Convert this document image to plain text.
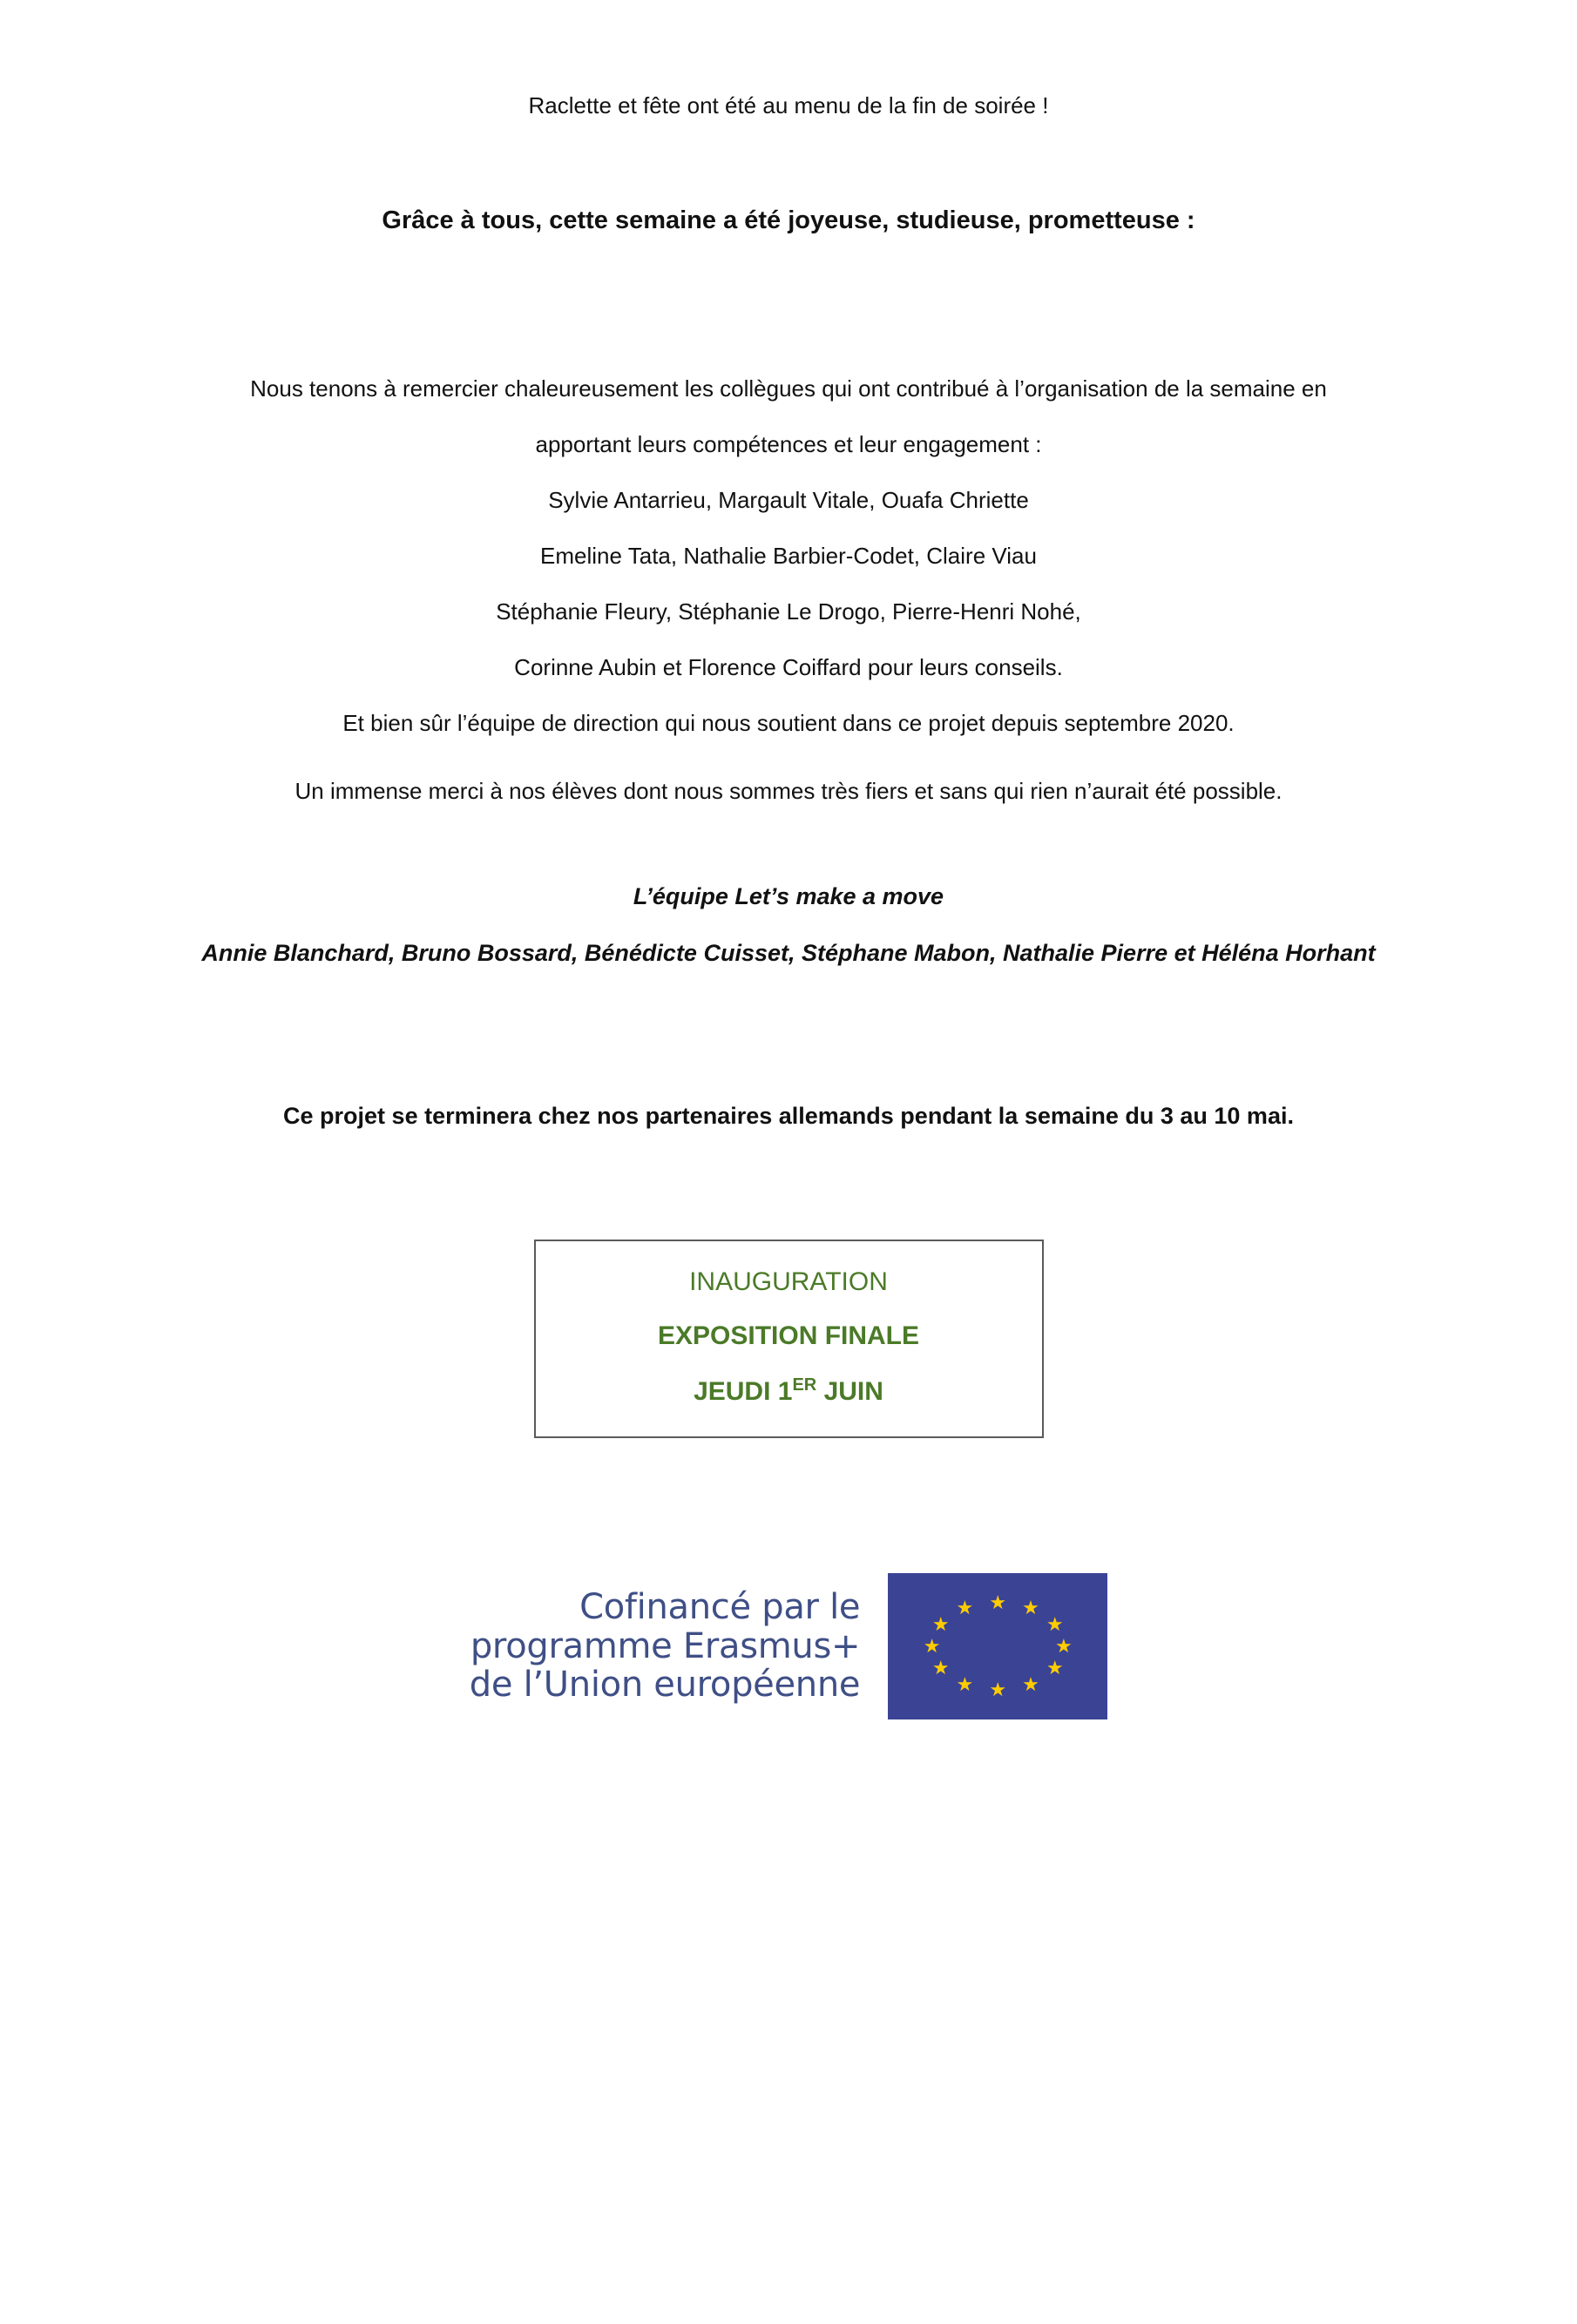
Raclette et fête ont été au menu de la fin de soirée !
Grâce à tous, cette semaine a été joyeuse, studieuse, prometteuse :
Nous tenons à remercier chaleureusement les collègues qui ont contribué à l’organisation de la semaine en
apportant leurs compétences et leur engagement :
Sylvie Antarrieu, Margault Vitale, Ouafa Chriette
Emeline Tata, Nathalie Barbier-Codet, Claire Viau
Stéphanie Fleury, Stéphanie Le Drogo, Pierre-Henri Nohé,
Corinne Aubin et Florence Coiffard pour leurs conseils.
Et bien sûr l’équipe de direction qui nous soutient dans ce projet depuis septembre 2020.
Un immense merci à nos élèves dont nous sommes très fiers et sans qui rien n’aurait été possible.
L’équipe Let’s make a move
Annie Blanchard, Bruno Bossard, Bénédicte Cuisset, Stéphane Mabon, Nathalie Pierre et Héléna Horhant
Ce projet se terminera chez nos partenaires allemands pendant la semaine du 3 au 10 mai.
INAUGURATION
EXPOSITION FINALE
JEUDI 1ER JUIN
Cofinancé par le
programme Erasmus+
de l’Union européenne
★ ★
★
★
★
★
★
★
★
★
★
★
